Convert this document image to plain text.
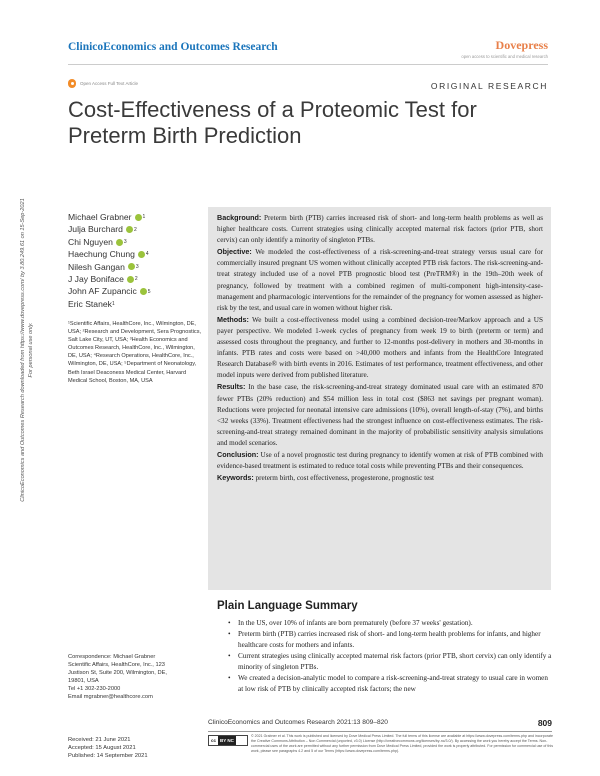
ClinicoEconomics and Outcomes Research	Dovepress
open access to scientific and medical research
Open Access Full Text Article	ORIGINAL RESEARCH
ClinicoEconomics and Outcomes Research downloaded from https://www.dovepress.com/ by 3.80.249.61 on 15-Sep-2021 For personal use only.
Cost-Effectiveness of a Proteomic Test for
Preterm Birth Prediction
Michael Grabner 1
Julja Burchard 2
Chi Nguyen 3
Haechung Chung 4
Nilesh Gangan 3
J Jay Boniface 2
John AF Zupancic 5
Eric Stanek 1
¹Scientific Affairs, HealthCore, Inc., Wilmington, DE, USA; ²Research and Development, Sera Prognostics, Salt Lake City, UT, USA; ³Health Economics and Outcomes Research, HealthCore, Inc., Wilmington, DE, USA; ⁴Research Operations, HealthCore, Inc., Wilmington, DE, USA; ⁵Department of Neonatology, Beth Israel Deaconess Medical Center, Harvard Medical School, Boston, MA, USA

Background: Preterm birth (PTB) carries increased risk of short- and long-term health problems as well as higher healthcare costs. Current strategies using clinically accepted maternal risk factors (prior PTB, short cervix) can only identify a minority of singleton PTBs.

Objective: We modeled the cost-effectiveness of a risk-screening-and-treat strategy versus usual care for commercially insured pregnant US women without clinically accepted PTB risk factors. The risk-screening-and-treat strategy included use of a novel PTB prognostic blood test (PreTRM®) in the 19th–20th week of pregnancy, followed by treatment with a combined regimen of multi-component high-intensity-case-management and pharmacologic interventions for the remainder of the pregnancy for women assessed as higher-risk by the test, and usual care in women without higher risk.

Methods: We built a cost-effectiveness model using a combined decision-tree/Markov approach and a US payer perspective. We modeled 1-week cycles of pregnancy from week 19 to birth (preterm or term) and assessed costs throughout the pregnancy, and further to 12-months post-delivery in mothers and 30-months in infants. PTB rates and costs were based on >40,000 mothers and infants from the HealthCore Integrated Research Database® with birth events in 2016. Estimates of test performance, treatment effectiveness, and other model inputs were derived from published literature.

Results: In the base case, the risk-screening-and-treat strategy dominated usual care with an estimated 870 fewer PTBs (20% reduction) and $54 million less in total cost ($863 net savings per pregnant woman). Reductions were projected for neonatal intensive care admissions (10%), overall length-of-stay (7%), and births <32 weeks (33%). Treatment effectiveness had the strongest influence on cost-effectiveness estimates. The risk-screening-and-treat strategy remained dominant in the majority of probabilistic sensitivity analysis simulations and model scenarios.

Conclusion: Use of a novel prognostic test during pregnancy to identify women at risk of PTB combined with evidence-based treatment is estimated to reduce total costs while preventing PTBs and their consequences.

Keywords: preterm birth, cost effectiveness, progesterone, prognostic test

Plain Language Summary
• In the US, over 10% of infants are born prematurely (before 37 weeks' gestation).
• Preterm birth (PTB) carries increased risk of short- and long-term health problems for infants, and higher healthcare costs for mothers and infants.
• Current strategies using clinically accepted maternal risk factors (prior PTB, short cervix) can only identify a minority of singleton PTBs.
• We created a decision-analytic model to compare a risk-screening-and-treat strategy to usual care in women at low risk of PTB by clinically accepted risk factors; the new
Correspondence: Michael Grabner
Scientific Affairs, HealthCore, Inc., 123
Justison St, Suite 200, Wilmington, DE,
19801, USA
Tel +1 302-230-2000
Email mgrabner@healthcore.com
ClinicoEconomics and Outcomes Research 2021:13 809–820	809
Received: 21 June 2021
Accepted: 15 August 2021
Published: 14 September 2021
cc BY NC
© 2021 Grabner et al. This work is published and licensed by Dove Medical Press Limited. The full terms of this license are available at https://www.dovepress.com/terms.php and incorporate the Creative Commons Attribution – Non Commercial (unported, v3.0) License (http://creativecommons.org/licenses/by-nc/3.0/). By accessing the work you hereby accept the Terms. Non-commercial uses of the work are permitted without any further permission from Dove Medical Press Limited, provided the work is properly attributed. For permission for commercial use of this work, please see paragraphs 4.2 and 5 of our Terms (https://www.dovepress.com/terms.php).
